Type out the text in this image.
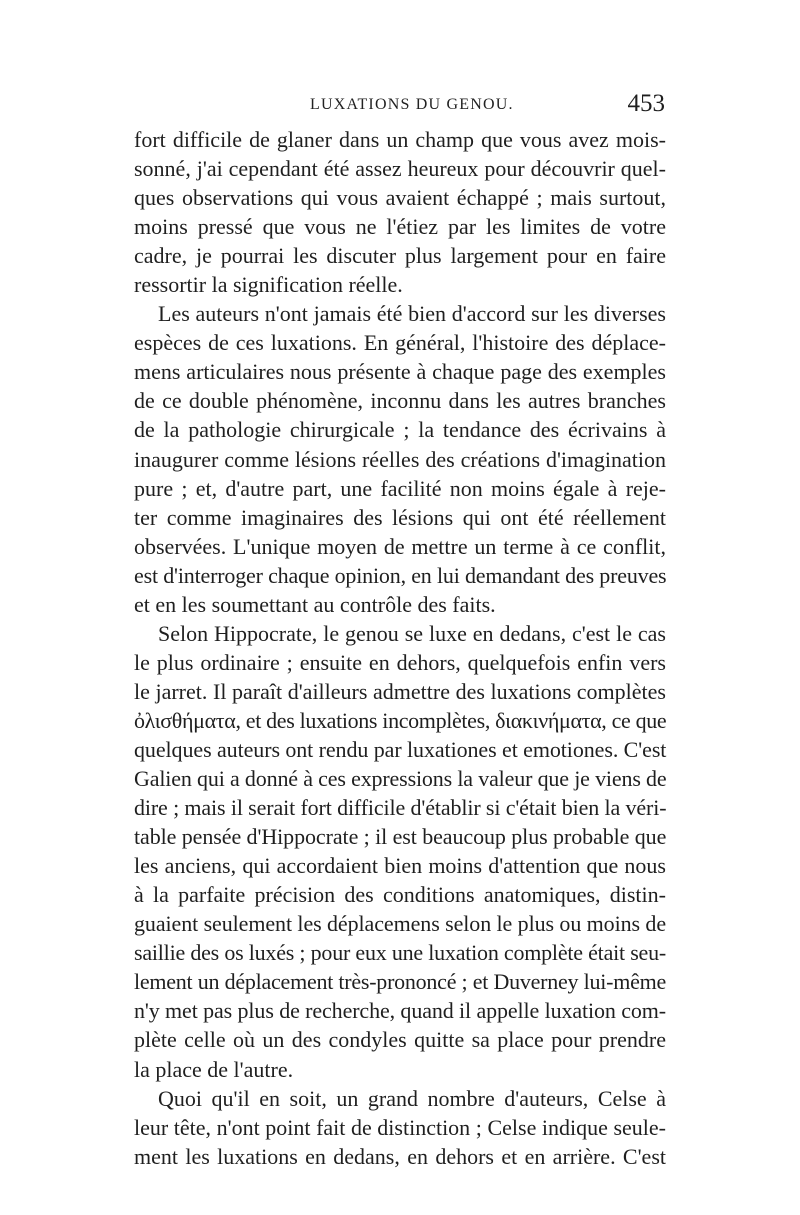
LUXATIONS DU GENOU.	453
fort difficile de glaner dans un champ que vous avez mois-
sonné, j'ai cependant été assez heureux pour découvrir quel-
ques observations qui vous avaient échappé ; mais surtout,
moins pressé que vous ne l'étiez par les limites de votre
cadre, je pourrai les discuter plus largement pour en faire
ressortir la signification réelle.
Les auteurs n'ont jamais été bien d'accord sur les diverses
espèces de ces luxations. En général, l'histoire des déplace-
mens articulaires nous présente à chaque page des exemples
de ce double phénomène, inconnu dans les autres branches
de la pathologie chirurgicale ; la tendance des écrivains à
inaugurer comme lésions réelles des créations d'imagination
pure ; et, d'autre part, une facilité non moins égale à reje-
ter comme imaginaires des lésions qui ont été réellement
observées. L'unique moyen de mettre un terme à ce conflit,
est d'interroger chaque opinion, en lui demandant des preuves
et en les soumettant au contrôle des faits.
Selon Hippocrate, le genou se luxe en dedans, c'est le cas
le plus ordinaire ; ensuite en dehors, quelquefois enfin vers
le jarret. Il paraît d'ailleurs admettre des luxations complètes
ὀλισθήματα, et des luxations incomplètes, διακινήματα, ce que
quelques auteurs ont rendu par luxationes et emotiones. C'est
Galien qui a donné à ces expressions la valeur que je viens de
dire ; mais il serait fort difficile d'établir si c'était bien la véri-
table pensée d'Hippocrate ; il est beaucoup plus probable que
les anciens, qui accordaient bien moins d'attention que nous
à la parfaite précision des conditions anatomiques, distin-
guaient seulement les déplacemens selon le plus ou moins de
saillie des os luxés ; pour eux une luxation complète était seu-
lement un déplacement très-prononcé ; et Duverney lui-même
n'y met pas plus de recherche, quand il appelle luxation com-
plète celle où un des condyles quitte sa place pour prendre
la place de l'autre.
Quoi qu'il en soit, un grand nombre d'auteurs, Celse à
leur tête, n'ont point fait de distinction ; Celse indique seule-
ment les luxations en dedans, en dehors et en arrière. C'est
